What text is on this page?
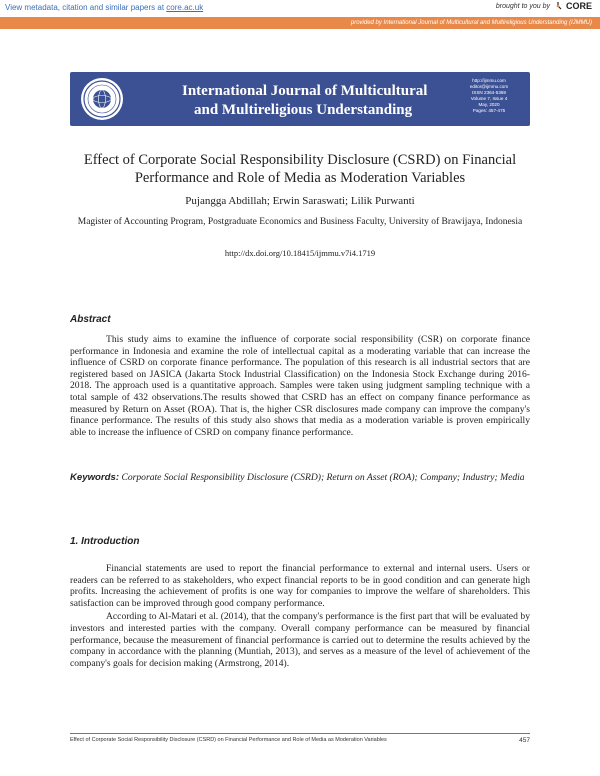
View metadata, citation and similar papers at core.ac.uk	brought to you by CORE
provided by International Journal of Multicultural and Multireligious Understanding (IJMMU)
International Journal of Multicultural
and Multireligious Understanding
http://ijmmu.com
editor@ijmmu.com
ISSN 2364-5369
Volume 7, Issue 4
May, 2020
Pages: 457-475
Effect of Corporate Social Responsibility Disclosure (CSRD) on Financial
Performance and Role of Media as Moderation Variables
Pujangga Abdillah; Erwin Saraswati; Lilik Purwanti
Magister of Accounting Program, Postgraduate Economics and Business Faculty, University of Brawijaya, Indonesia
http://dx.doi.org/10.18415/ijmmu.v7i4.1719
Abstract

This study aims to examine the influence of corporate social responsibility (CSR) on corporate finance performance in Indonesia and examine the role of intellectual capital as a moderating variable that can increase the influence of CSRD on corporate finance performance. The population of this research is all industrial sectors that are registered based on JASICA (Jakarta Stock Industrial Classification) on the Indonesia Stock Exchange during 2016-2018. The approach used is a quantitative approach. Samples were taken using judgment sampling technique with a total sample of 432 observations.The results showed that CSRD has an effect on company finance performance as measured by Return on Asset (ROA). That is, the higher CSR disclosures made company can improve the company's finance performance. The results of this study also shows that media as a moderation variable is proven empirically able to increase the influence of CSRD on company finance performance.

Keywords: Corporate Social Responsibility Disclosure (CSRD); Return on Asset (ROA); Company; Industry; Media
1. Introduction

Financial statements are used to report the financial performance to external and internal users. Users or readers can be referred to as stakeholders, who expect financial reports to be in good condition and can generate high profits. Increasing the achievement of profits is one way for companies to improve the welfare of shareholders. This satisfaction can be improved through good company performance.

According to Al-Matari et al. (2014), that the company's performance is the first part that will be evaluated by investors and interested parties with the company. Overall company performance can be measured by financial performance, because the measurement of financial performance is carried out to determine the results achieved by the company in accordance with the planning (Muntiah, 2013), and serves as a measure of the level of achievement of the company's goals for decision making (Armstrong, 2014).

Effect of Corporate Social Responsibility Disclosure (CSRD) on Financial Performance and Role of Media as Moderation Variables	457
